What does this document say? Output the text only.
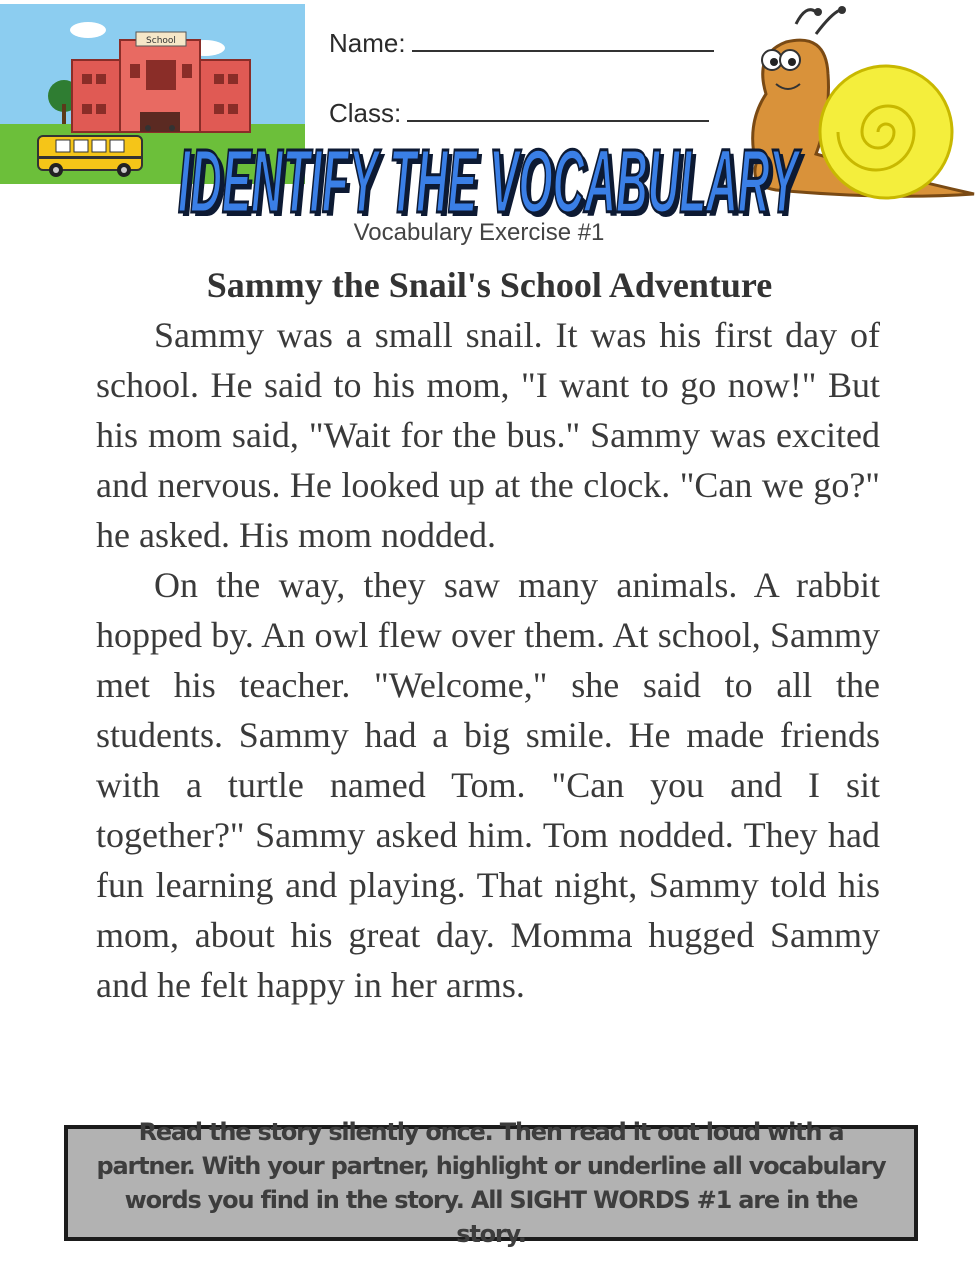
School	Name:
Class:
IDENTIFY THE VOCABULARY
IDENTIFY THE VOCABULARY
Vocabulary Exercise #1
Sammy the Snail's School Adventure

Sammy was a small snail. It was his first day of school. He said to his mom, "I want to go now!" But his mom said, "Wait for the bus." Sammy was excited and nervous. He looked up at the clock. "Can we go?" he asked. His mom nodded.

On the way, they saw many animals. A rabbit hopped by. An owl flew over them. At school, Sammy met his teacher. "Welcome," she said to all the students. Sammy had a big smile. He made friends with a turtle named Tom. "Can you and I sit together?" Sammy asked him. Tom nodded. They had fun learning and playing. That night, Sammy told his mom, about his great day. Momma hugged Sammy and he felt happy in her arms.

Read the story silently once. Then read it out loud with a partner. With your partner, highlight or underline all vocabulary words you find in the story. All SIGHT WORDS #1 are in the story.
